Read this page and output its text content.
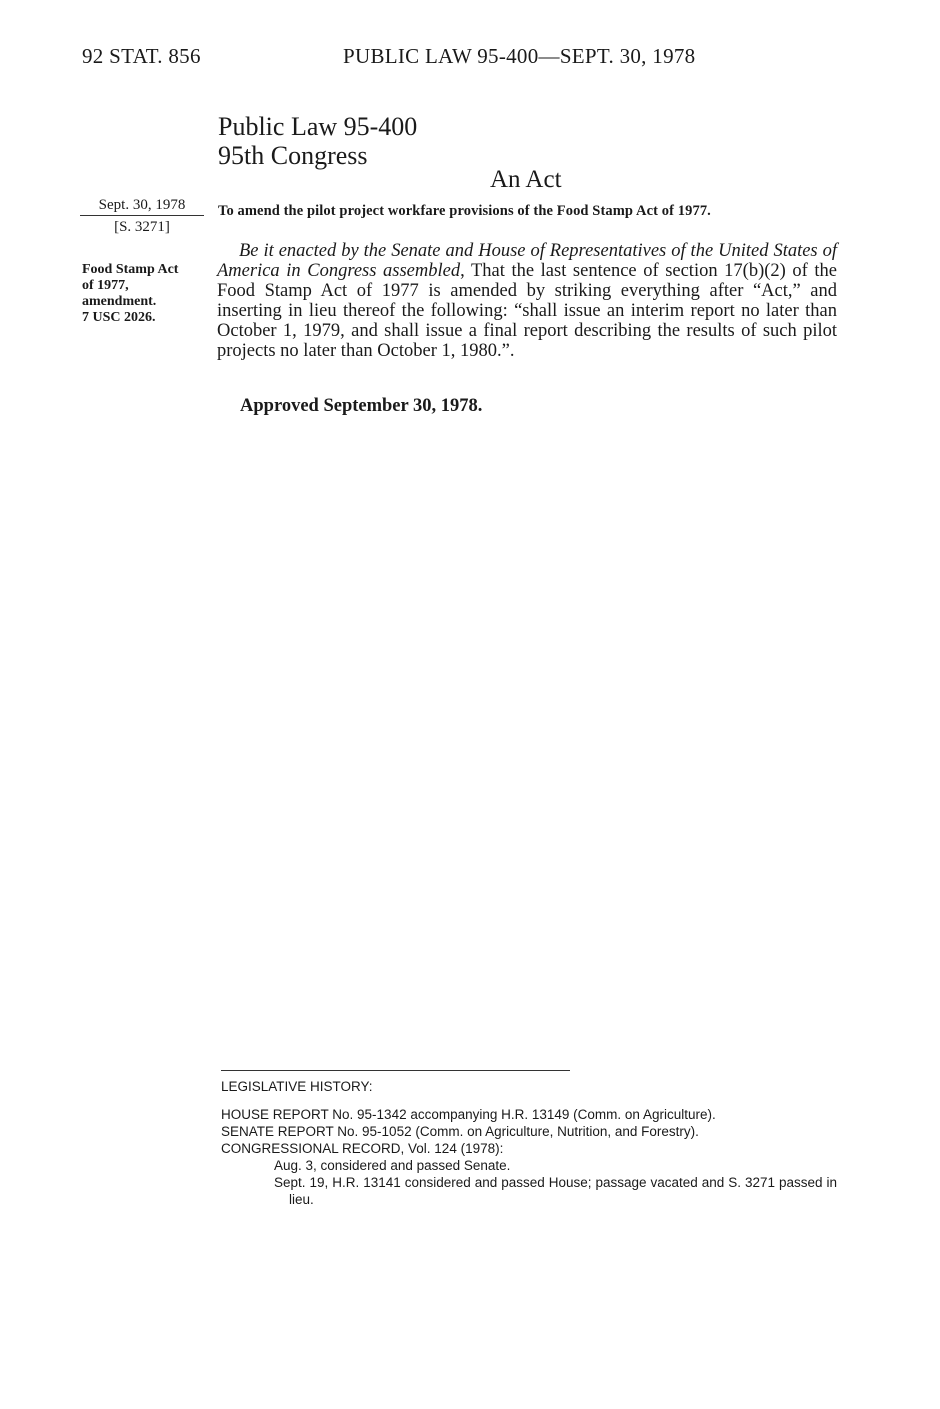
92 STAT. 856	PUBLIC LAW 95-400—SEPT. 30, 1978
Public Law 95-400
95th Congress
An Act
Sept. 30, 1978
[S. 3271]
To amend the pilot project workfare provisions of the Food Stamp Act of 1977.
Food Stamp Act
of 1977,
amendment.
7 USC 2026.

Be it enacted by the Senate and House of Representatives of the United States of America in Congress assembled, That the last sentence of section 17(b)(2) of the Food Stamp Act of 1977 is amended by striking everything after “Act,” and inserting in lieu thereof the following: “shall issue an interim report no later than October 1, 1979, and shall issue a final report describing the results of such pilot projects no later than October 1, 1980.”.

Approved September 30, 1978.
LEGISLATIVE HISTORY:
HOUSE REPORT No. 95-1342 accompanying H.R. 13149 (Comm. on Agriculture).
SENATE REPORT No. 95-1052 (Comm. on Agriculture, Nutrition, and Forestry).
CONGRESSIONAL RECORD, Vol. 124 (1978):
Aug. 3, considered and passed Senate.
Sept. 19, H.R. 13141 considered and passed House; passage vacated and S. 3271 passed in lieu.
